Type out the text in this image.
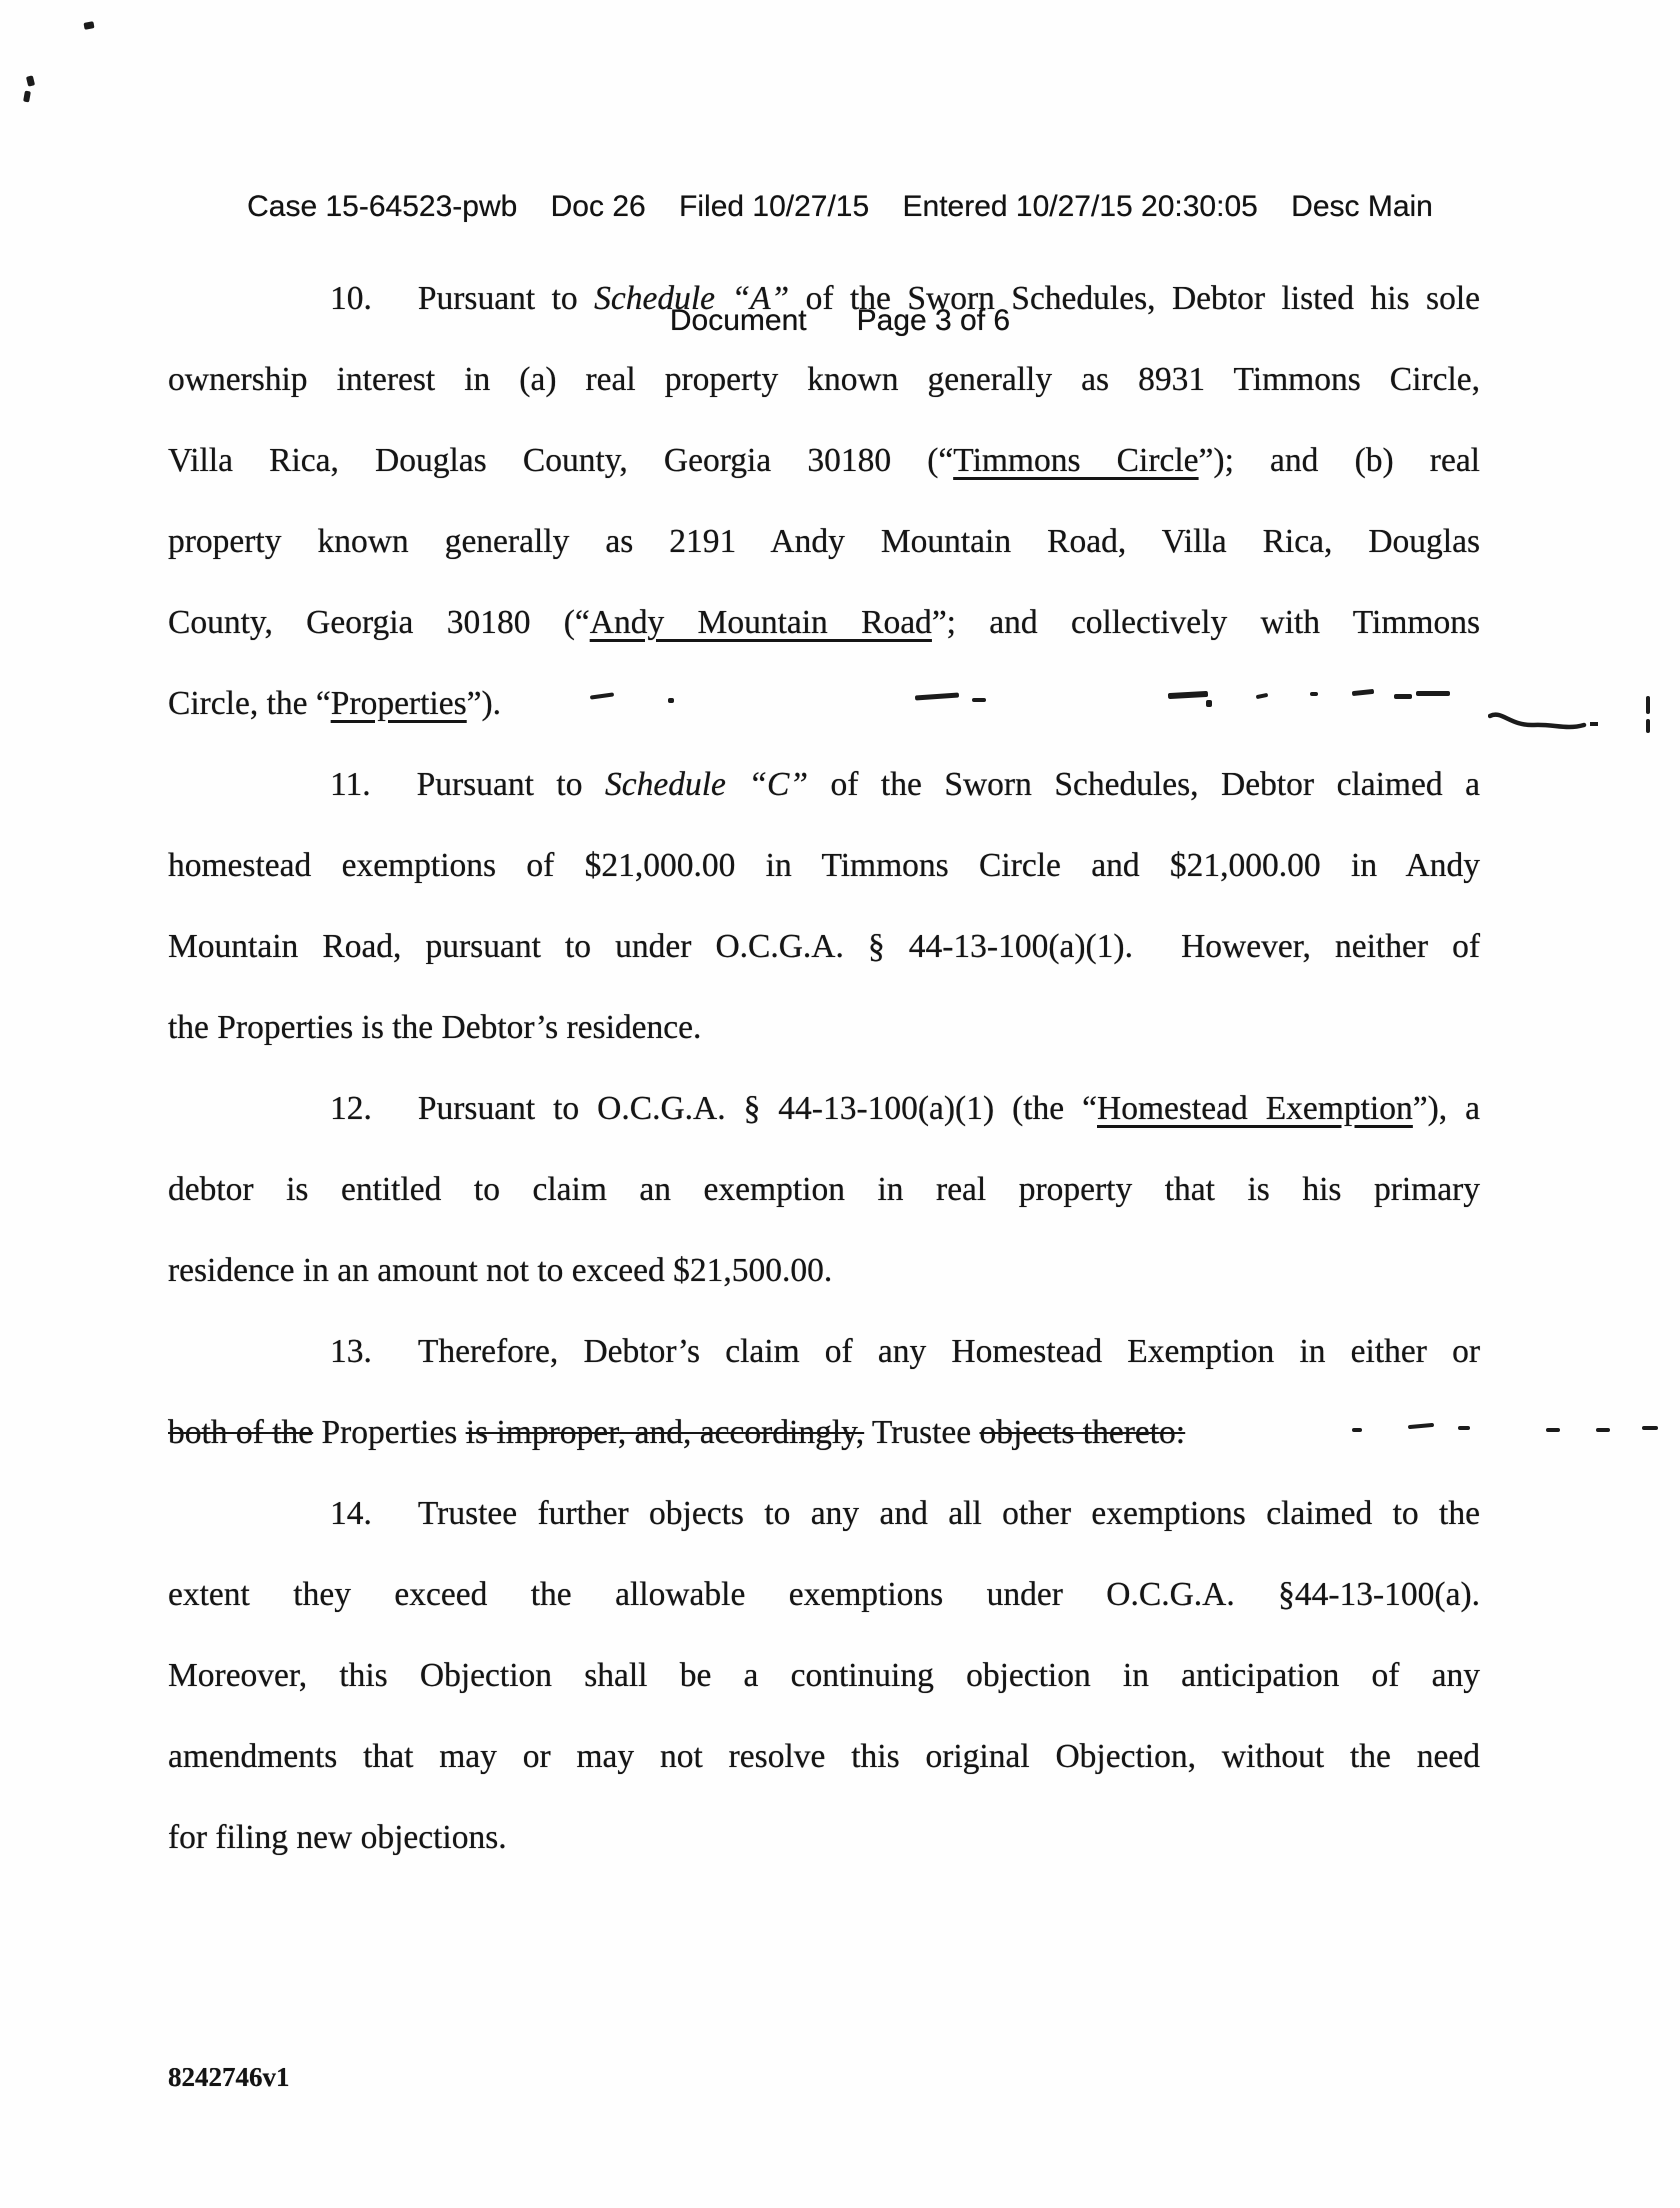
Case 15-64523-pwb    Doc 26    Filed 10/27/15    Entered 10/27/15 20:30:05    Desc Main

Document      Page 3 of 6

10. Pursuant to Schedule “A” of the Sworn Schedules, Debtor listed his sole
ownership interest in (a) real property known generally as 8931 Timmons Circle,
Villa Rica, Douglas County, Georgia 30180 (“Timmons Circle”); and (b) real
property known generally as 2191 Andy Mountain Road, Villa Rica, Douglas
County, Georgia 30180 (“Andy Mountain Road”; and collectively with Timmons
Circle, the “Properties”).
11. Pursuant to Schedule “C” of the Sworn Schedules, Debtor claimed a
homestead exemptions of $21,000.00 in Timmons Circle and $21,000.00 in Andy
Mountain Road, pursuant to under O.C.G.A. § 44-13-100(a)(1).  However, neither of
the Properties is the Debtor’s residence.
12. Pursuant to O.C.G.A. § 44-13-100(a)(1) (the “Homestead Exemption”), a
debtor is entitled to claim an exemption in real property that is his primary
residence in an amount not to exceed $21,500.00.
13. Therefore, Debtor’s claim of any Homestead Exemption in either or
both of the Properties is improper, and, accordingly, Trustee objects thereto:
14. Trustee further objects to any and all other exemptions claimed to the
extent they exceed the allowable exemptions under O.C.G.A. §44-13-100(a).
Moreover, this Objection shall be a continuing objection in anticipation of any
amendments that may or may not resolve this original Objection, without the need
for filing new objections.
8242746v1
